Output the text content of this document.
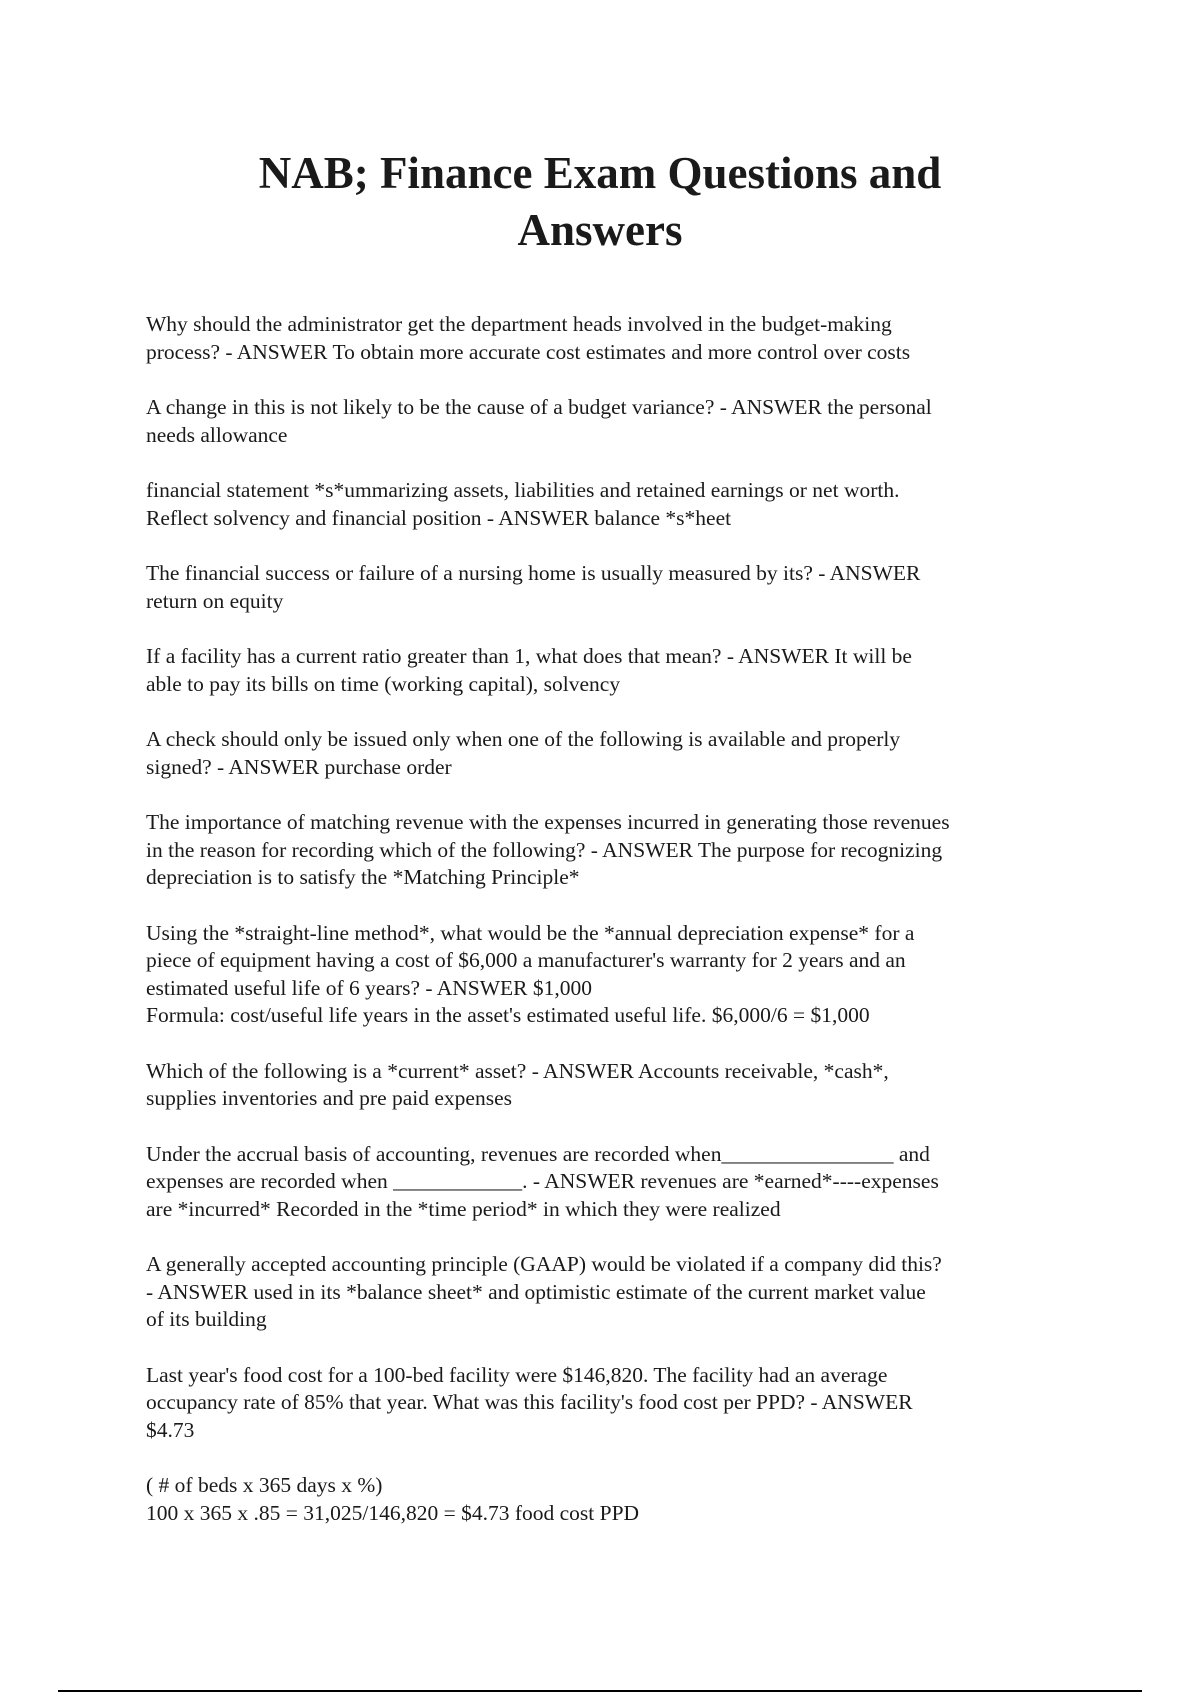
NAB; Finance Exam Questions and
Answers

Why should the administrator get the department heads involved in the budget-making
process? - ANSWER To obtain more accurate cost estimates and more control over costs

A change in this is not likely to be the cause of a budget variance? - ANSWER the personal
needs allowance

financial statement *s*ummarizing assets, liabilities and retained earnings or net worth.
Reflect solvency and financial position - ANSWER balance *s*heet

The financial success or failure of a nursing home is usually measured by its? - ANSWER
return on equity

If a facility has a current ratio greater than 1, what does that mean? - ANSWER It will be
able to pay its bills on time (working capital), solvency

A check should only be issued only when one of the following is available and properly
signed? - ANSWER purchase order

The importance of matching revenue with the expenses incurred in generating those revenues
in the reason for recording which of the following? - ANSWER The purpose for recognizing
depreciation is to satisfy the *Matching Principle*

Using the *straight-line method*, what would be the *annual depreciation expense* for a
piece of equipment having a cost of $6,000 a manufacturer's warranty for 2 years and an
estimated useful life of 6 years? - ANSWER $1,000
Formula: cost/useful life years in the asset's estimated useful life. $6,000/6 = $1,000

Which of the following is a *current* asset? - ANSWER Accounts receivable, *cash*,
supplies inventories and pre paid expenses

Under the accrual basis of accounting, revenues are recorded when________________ and
expenses are recorded when ____________. - ANSWER revenues are *earned*----expenses
are *incurred* Recorded in the *time period* in which they were realized

A generally accepted accounting principle (GAAP) would be violated if a company did this?
- ANSWER used in its *balance sheet* and optimistic estimate of the current market value
of its building

Last year's food cost for a 100-bed facility were $146,820. The facility had an average
occupancy rate of 85% that year. What was this facility's food cost per PPD? - ANSWER
$4.73

( # of beds x 365 days x %)
100 x 365 x .85 = 31,025/146,820 = $4.73 food cost PPD
